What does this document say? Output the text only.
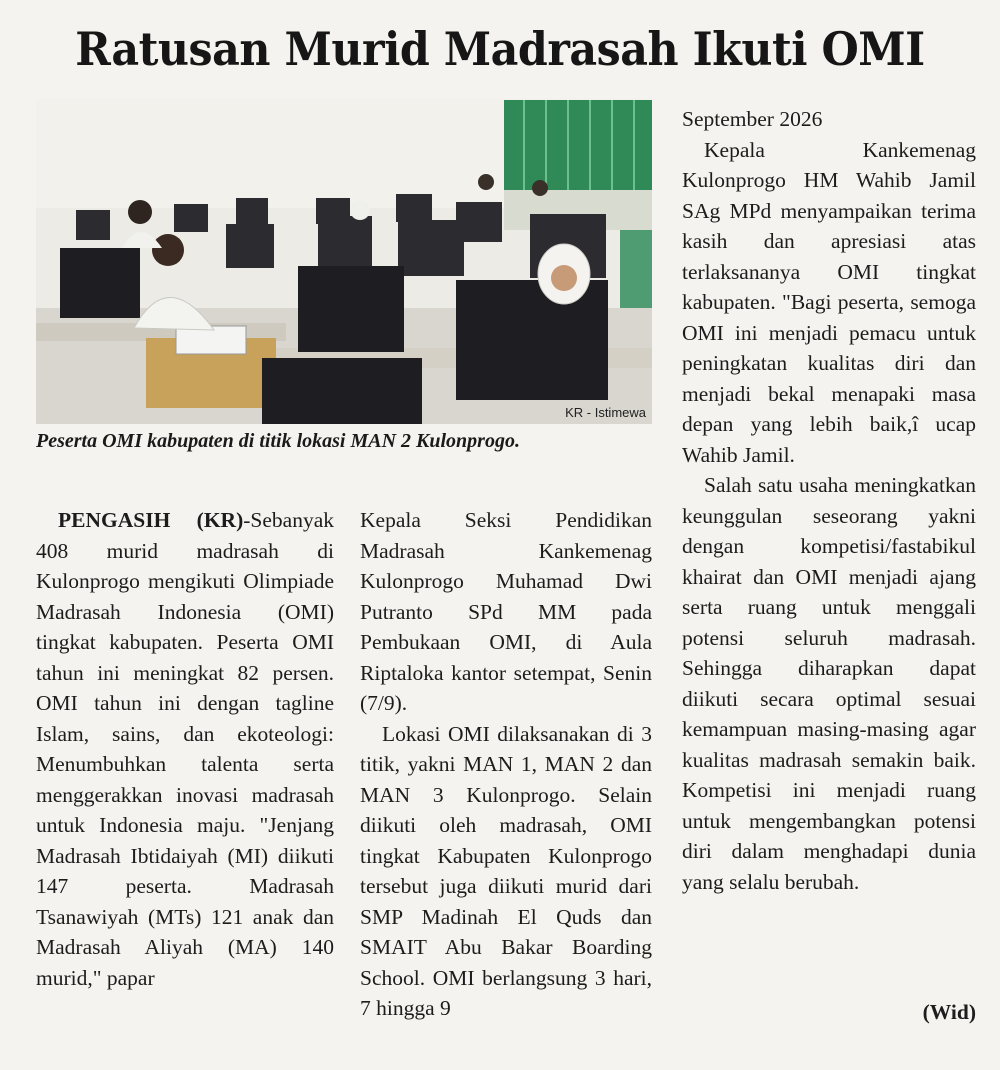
Ratusan Murid Madrasah Ikuti OMI
KR - Istimewa
Peserta OMI kabupaten di titik lokasi MAN 2 Kulonprogo.

PENGASIH (KR)-Sebanyak 408 murid madrasah di Kulonprogo mengikuti Olimpiade Madrasah Indonesia (OMI) tingkat kabupaten. Peserta OMI tahun ini meningkat 82 persen. OMI tahun ini dengan tagline Islam, sains, dan ekoteologi: Menumbuhkan talenta serta menggerakkan inovasi madrasah untuk Indonesia maju. "Jenjang Madrasah Ibtidaiyah (MI) diikuti 147 peserta. Madrasah Tsanawiyah (MTs) 121 anak dan Madrasah Aliyah (MA) 140 murid," papar

Kepala Seksi Pendidikan Madrasah Kankemenag Kulonprogo Muhamad Dwi Putranto SPd MM pada Pembukaan OMI, di Aula Riptaloka kantor setempat, Senin (7/9).

Lokasi OMI dilaksanakan di 3 titik, yakni MAN 1, MAN 2 dan MAN 3 Kulonprogo. Selain diikuti oleh madrasah, OMI tingkat Kabupaten Kulonprogo tersebut juga diikuti murid dari SMP Madinah El Quds dan SMAIT Abu Bakar Boarding School. OMI berlangsung 3 hari, 7 hingga 9

September 2026

Kepala Kankemenag Kulonprogo HM Wahib Jamil SAg MPd menyampaikan terima kasih dan apresiasi atas terlaksananya OMI tingkat kabupaten. "Bagi peserta, semoga OMI ini menjadi pemacu untuk peningkatan kualitas diri dan menjadi bekal menapaki masa depan yang lebih baik,î ucap Wahib Jamil.

Salah satu usaha meningkatkan keunggulan seseorang yakni dengan kompetisi/fastabikul khairat dan OMI menjadi ajang serta ruang untuk menggali potensi seluruh madrasah. Sehingga diharapkan dapat diikuti secara optimal sesuai kemampuan masing-masing agar kualitas madrasah semakin baik. Kompetisi ini menjadi ruang untuk mengembangkan potensi diri dalam menghadapi dunia yang selalu berubah.

(Wid)
